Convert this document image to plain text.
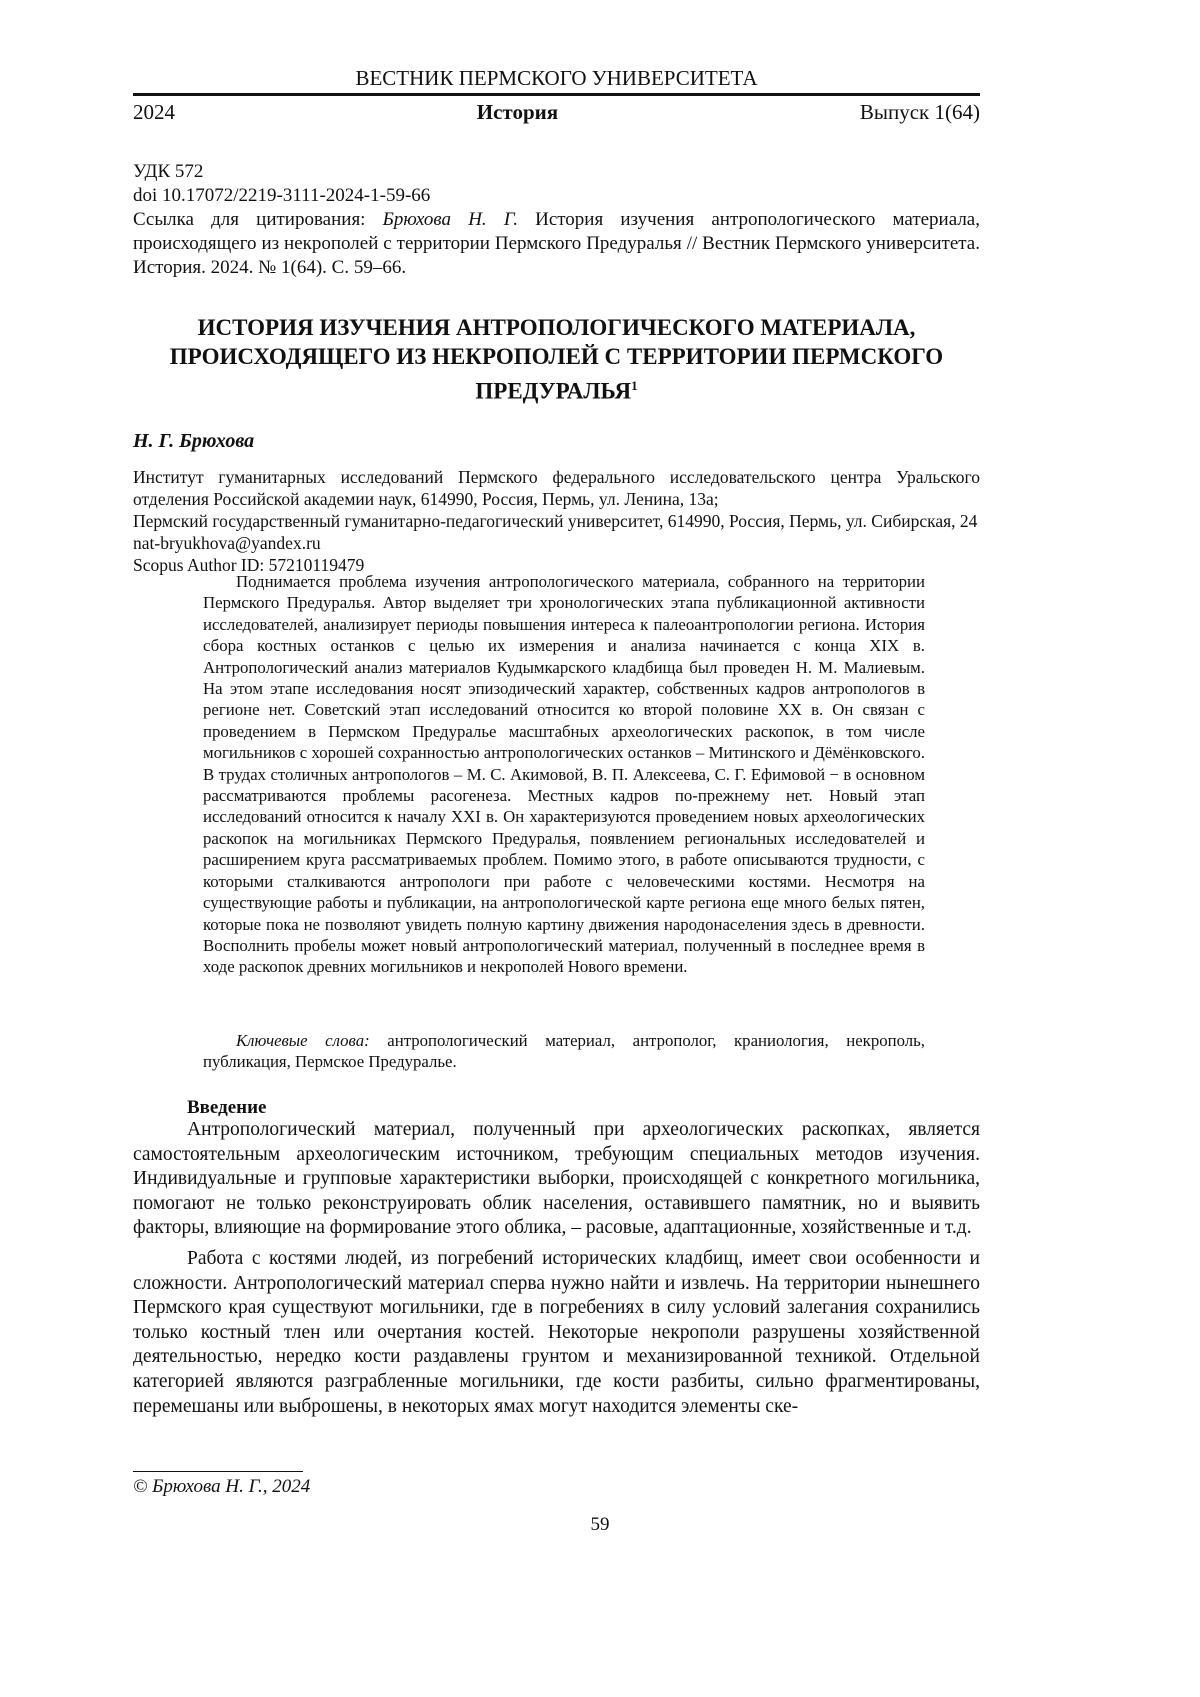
ВЕСТНИК ПЕРМСКОГО УНИВЕРСИТЕТА
2024	История	Выпуск 1(64)

УДК 572

doi 10.17072/2219-3111-2024-1-59-66

Ссылка для цитирования: Брюхова Н. Г. История изучения антропологического материала, происходящего из некрополей с территории Пермского Предуралья // Вестник Пермского университета. История. 2024. № 1(64). С. 59–66.

ИСТОРИЯ ИЗУЧЕНИЯ АНТРОПОЛОГИЧЕСКОГО МАТЕРИАЛА, ПРОИСХОДЯЩЕГО ИЗ НЕКРОПОЛЕЙ С ТЕРРИТОРИИ ПЕРМСКОГО ПРЕДУРАЛЬЯ$^1$
Н. Г. Брюхова

Институт гуманитарных исследований Пермского федерального исследовательского центра Уральского отделения Российской академии наук, 614990, Россия, Пермь, ул. Ленина, 13а;

Пермский государственный гуманитарно-педагогический университет, 614990, Россия, Пермь, ул. Сибирская, 24

nat-bryukhova@yandex.ru

Scopus Author ID: 57210119479

Поднимается проблема изучения антропологического материала, собранного на территории Пермского Предуралья. Автор выделяет три хронологических этапа публикационной активности исследователей, анализирует периоды повышения интереса к палеоантропологии региона. История сбора костных останков с целью их измерения и анализа начинается с конца XIX в. Антропологический анализ материалов Кудымкарского кладбища был проведен Н. М. Малиевым. На этом этапе исследования носят эпизодический характер, собственных кадров антропологов в регионе нет. Советский этап исследований относится ко второй половине XX в. Он связан с проведением в Пермском Предуралье масштабных археологических раскопок, в том числе могильников с хорошей сохранностью антропологических останков – Митинского и Дёмёнковского. В трудах столичных антропологов – М. С. Акимовой, В. П. Алексеева, С. Г. Ефимовой − в основном рассматриваются проблемы расогенеза. Местных кадров по-прежнему нет. Новый этап исследований относится к началу XXI в. Он характеризуются проведением новых археологических раскопок на могильниках Пермского Предуралья, появлением региональных исследователей и расширением круга рассматриваемых проблем. Помимо этого, в работе описываются трудности, с которыми сталкиваются антропологи при работе с человеческими костями. Несмотря на существующие работы и публикации, на антропологической карте региона еще много белых пятен, которые пока не позволяют увидеть полную картину движения народонаселения здесь в древности. Восполнить пробелы может новый антропологический материал, полученный в последнее время в ходе раскопок древних могильников и некрополей Нового времени.

Ключевые слова: антропологический материал, антрополог, краниология, некрополь, публикация, Пермское Предуралье.

Введение

Антропологический материал, полученный при археологических раскопках, является самостоятельным археологическим источником, требующим специальных методов изучения. Индивидуальные и групповые характеристики выборки, происходящей с конкретного могильника, помогают не только реконструировать облик населения, оставившего памятник, но и выявить факторы, влияющие на формирование этого облика, – расовые, адаптационные, хозяйственные и т.д.

Работа с костями людей, из погребений исторических кладбищ, имеет свои особенности и сложности. Антропологический материал сперва нужно найти и извлечь. На территории нынешнего Пермского края существуют могильники, где в погребениях в силу условий залегания сохранились только костный тлен или очертания костей. Некоторые некрополи разрушены хозяйственной деятельностью, нередко кости раздавлены грунтом и механизированной техникой. Отдельной категорией являются разграбленные могильники, где кости разбиты, сильно фрагментированы, перемешаны или выброшены, в некоторых ямах могут находится элементы ске-

© Брюхова Н. Г., 2024
59
